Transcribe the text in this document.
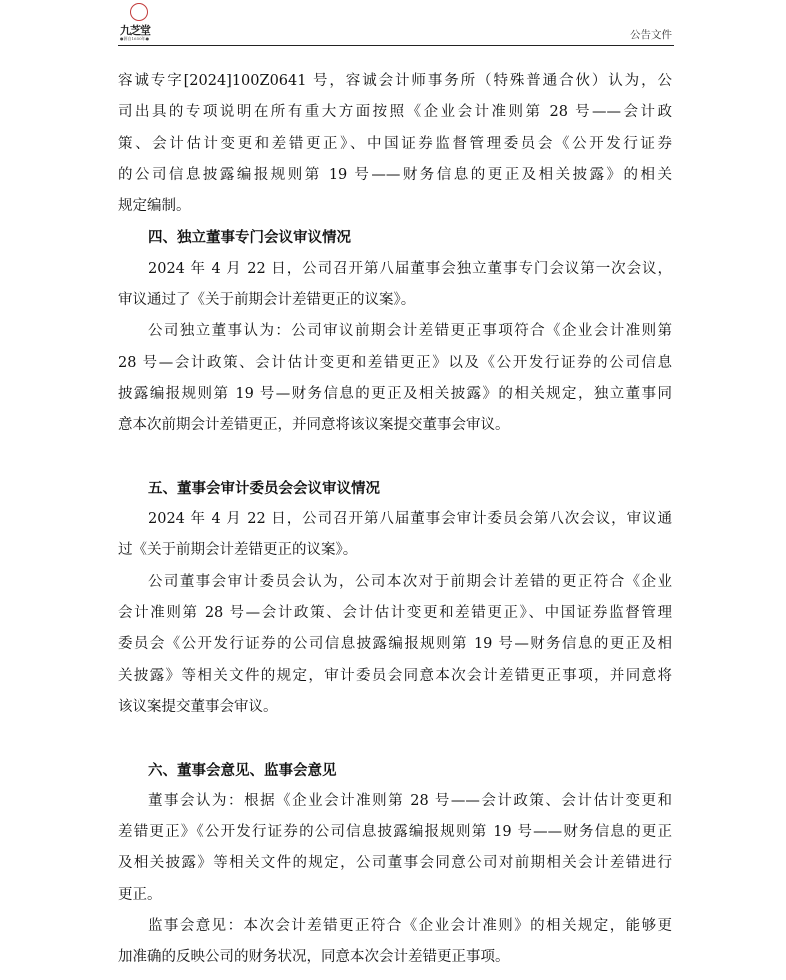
九芝堂
●源自1650年●	公告文件
容诚专字[2024]100Z0641 号，容诚会计师事务所（特殊普通合伙）认为，公
司出具的专项说明在所有重大方面按照《企业会计准则第 28 号——会计政
策、会计估计变更和差错更正》、中国证券监督管理委员会《公开发行证券
的公司信息披露编报规则第 19 号——财务信息的更正及相关披露》的相关
规定编制。
四、独立董事专门会议审议情况
2024 年 4 月 22 日，公司召开第八届董事会独立董事专门会议第一次会议，
审议通过了《关于前期会计差错更正的议案》。
公司独立董事认为：公司审议前期会计差错更正事项符合《企业会计准则第
28 号—会计政策、会计估计变更和差错更正》以及《公开发行证券的公司信息
披露编报规则第 19 号—财务信息的更正及相关披露》的相关规定，独立董事同
意本次前期会计差错更正，并同意将该议案提交董事会审议。
五、董事会审计委员会会议审议情况
2024 年 4 月 22 日，公司召开第八届董事会审计委员会第八次会议，审议通
过《关于前期会计差错更正的议案》。
公司董事会审计委员会认为，公司本次对于前期会计差错的更正符合《企业
会计准则第 28 号—会计政策、会计估计变更和差错更正》、中国证券监督管理
委员会《公开发行证券的公司信息披露编报规则第 19 号—财务信息的更正及相
关披露》等相关文件的规定，审计委员会同意本次会计差错更正事项，并同意将
该议案提交董事会审议。
六、董事会意见、监事会意见
董事会认为：根据《企业会计准则第 28 号——会计政策、会计估计变更和
差错更正》《公开发行证券的公司信息披露编报规则第 19 号——财务信息的更正
及相关披露》等相关文件的规定，公司董事会同意公司对前期相关会计差错进行
更正。
监事会意见：本次会计差错更正符合《企业会计准则》的相关规定，能够更
加准确的反映公司的财务状况，同意本次会计差错更正事项。
